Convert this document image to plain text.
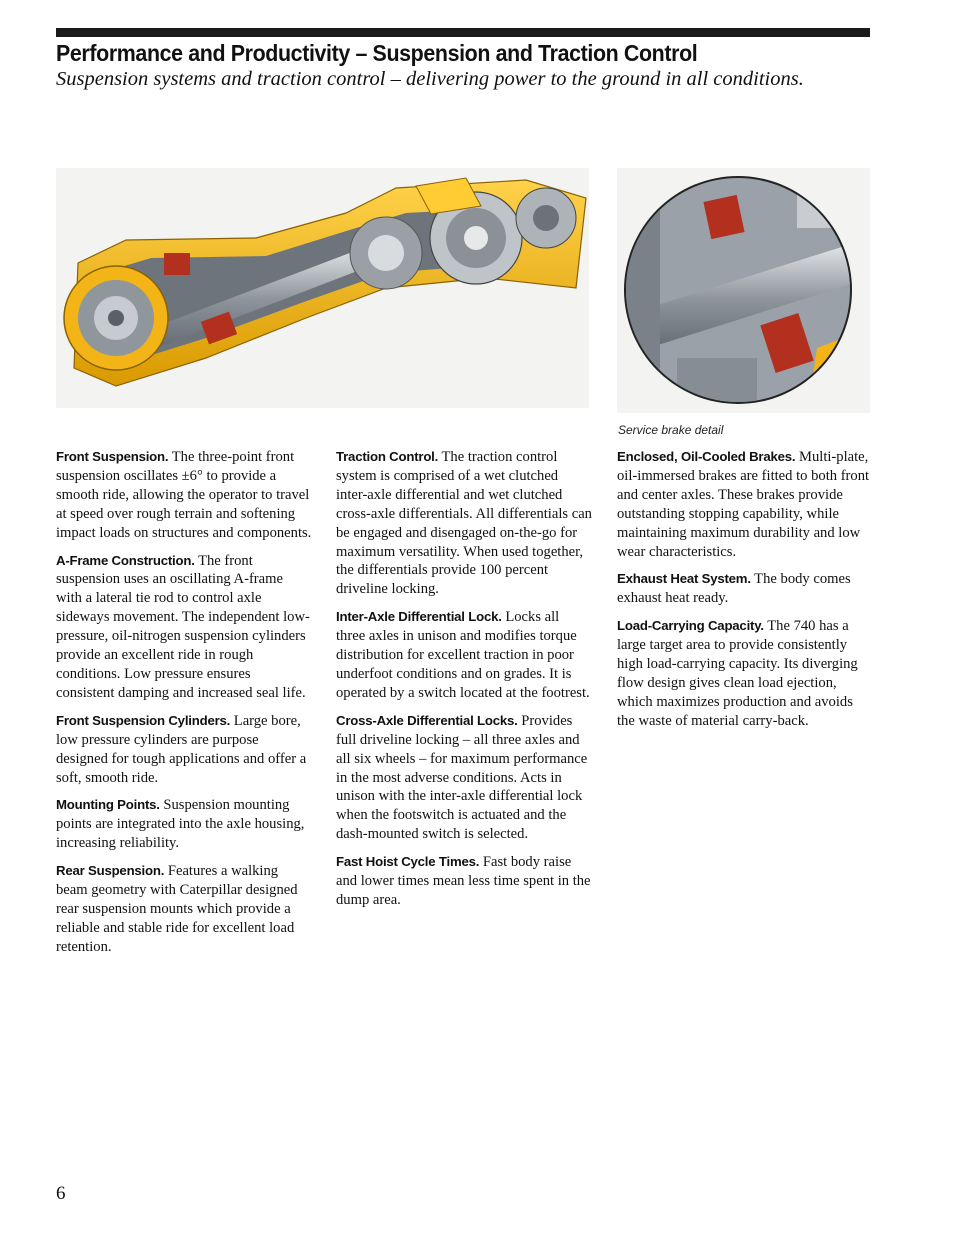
Performance and Productivity – Suspension and Traction Control
Suspension systems and traction control – delivering power to the ground in all conditions.
Service brake detail

Front Suspension. The three-point front suspension oscillates ±6° to provide a smooth ride, allowing the operator to travel at speed over rough terrain and softening impact loads on structures and components.

A-Frame Construction. The front suspension uses an oscillating A-frame with a lateral tie rod to control axle sideways movement. The independent low-pressure, oil-nitrogen suspension cylinders provide an excellent ride in rough conditions. Low pressure ensures consistent damping and increased seal life.

Front Suspension Cylinders. Large bore, low pressure cylinders are purpose designed for tough applications and offer a soft, smooth ride.

Mounting Points. Suspension mounting points are integrated into the axle housing, increasing reliability.

Rear Suspension. Features a walking beam geometry with Caterpillar designed rear suspension mounts which provide a reliable and stable ride for excellent load retention.

Traction Control. The traction control system is comprised of a wet clutched inter-axle differential and wet clutched cross-axle differentials. All differentials can be engaged and disengaged on-the-go for maximum versatility. When used together, the differentials provide 100 percent driveline locking.

Inter-Axle Differential Lock. Locks all three axles in unison and modifies torque distribution for excellent traction in poor underfoot conditions and on grades. It is operated by a switch located at the footrest.

Cross-Axle Differential Locks. Provides full driveline locking – all three axles and all six wheels – for maximum performance in the most adverse conditions. Acts in unison with the inter-axle differential lock when the footswitch is actuated and the dash-mounted switch is selected.

Fast Hoist Cycle Times. Fast body raise and lower times mean less time spent in the dump area.

Enclosed, Oil-Cooled Brakes. Multi-plate, oil-immersed brakes are fitted to both front and center axles. These brakes provide outstanding stopping capability, while maintaining maximum durability and low wear characteristics.

Exhaust Heat System. The body comes exhaust heat ready.

Load-Carrying Capacity. The 740 has a large target area to provide consistently high load-carrying capacity. Its diverging flow design gives clean load ejection, which maximizes production and avoids the waste of material carry-back.

6
